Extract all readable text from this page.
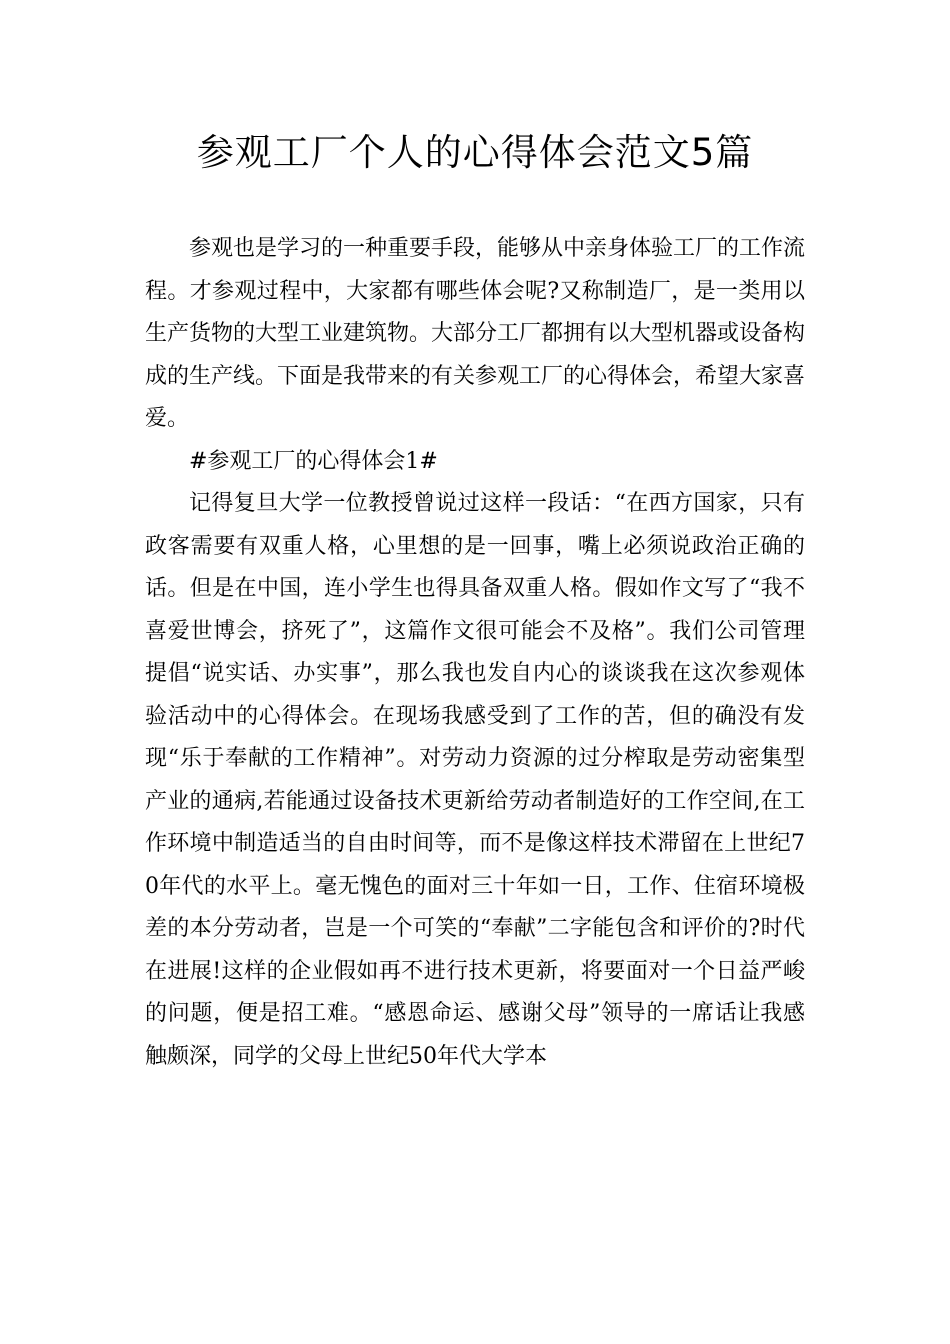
参观工厂个人的心得体会范文5篇

参观也是学习的一种重要手段，能够从中亲身体验工厂的工作流程。才参观过程中，大家都有哪些体会呢?又称制造厂，是一类用以生产货物的大型工业建筑物。大部分工厂都拥有以大型机器或设备构成的生产线。下面是我带来的有关参观工厂的心得体会，希望大家喜爱。

#参观工厂的心得体会1#

记得复旦大学一位教授曾说过这样一段话：“在西方国家，只有政客需要有双重人格，心里想的是一回事，嘴上必须说政治正确的话。但是在中国，连小学生也得具备双重人格。假如作文写了“我不喜爱世博会，挤死了”，这篇作文很可能会不及格”。我们公司管理提倡“说实话、办实事”，那么我也发自内心的谈谈我在这次参观体验活动中的心得体会。在现场我感受到了工作的苦，但的确没有发现“乐于奉献的工作精神”。对劳动力资源的过分榨取是劳动密集型产业的通病,若能通过设备技术更新给劳动者制造好的工作空间,在工作环境中制造适当的自由时间等，而不是像这样技术滞留在上世纪70年代的水平上。毫无愧色的面对三十年如一日，工作、住宿环境极差的本分劳动者，岂是一个可笑的“奉献”二字能包含和评价的?时代在进展!这样的企业假如再不进行技术更新，将要面对一个日益严峻的问题，便是招工难。“感恩命运、感谢父母”领导的一席话让我感触颇深，同学的父母上世纪50年代大学本
